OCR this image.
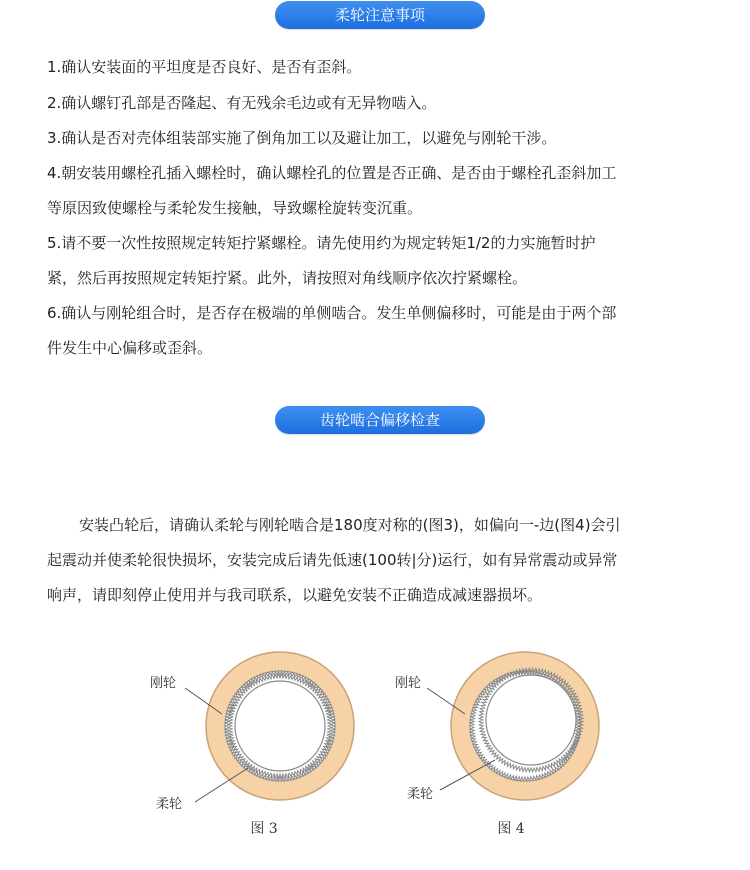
柔轮注意事项

1.确认安装面的平坦度是否良好、是否有歪斜。

2.确认螺钉孔部是否隆起、有无残余毛边或有无异物啮入。

3.确认是否对壳体组装部实施了倒角加工以及避让加工，以避免与刚轮干涉。

4.朝安装用螺栓孔插入螺栓时，确认螺栓孔的位置是否正确、是否由于螺栓孔歪斜加工

等原因致使螺栓与柔轮发生接触，导致螺栓旋转变沉重。

5.请不要一次性按照规定转矩拧紧螺栓。请先使用约为规定转矩1/2的力实施暂时护

紧，然后再按照规定转矩拧紧。此外，请按照对角线顺序依次拧紧螺栓。

6.确认与刚轮组合时，是否存在极端的单侧啮合。发生单侧偏移时，可能是由于两个部

件发生中心偏移或歪斜。

齿轮啮合偏移检查
安装凸轮后，请确认柔轮与刚轮啮合是180度对称的(图3)，如偏向一-边(图4)会引
起震动并使柔轮很快损坏，安装完成后请先低速(100转|分)运行，如有异常震动或异常
响声，请即刻停止使用并与我司联系，以避免安装不正确造成减速器损坏。
刚轮
柔轮
图 3
刚轮
柔轮
图 4
